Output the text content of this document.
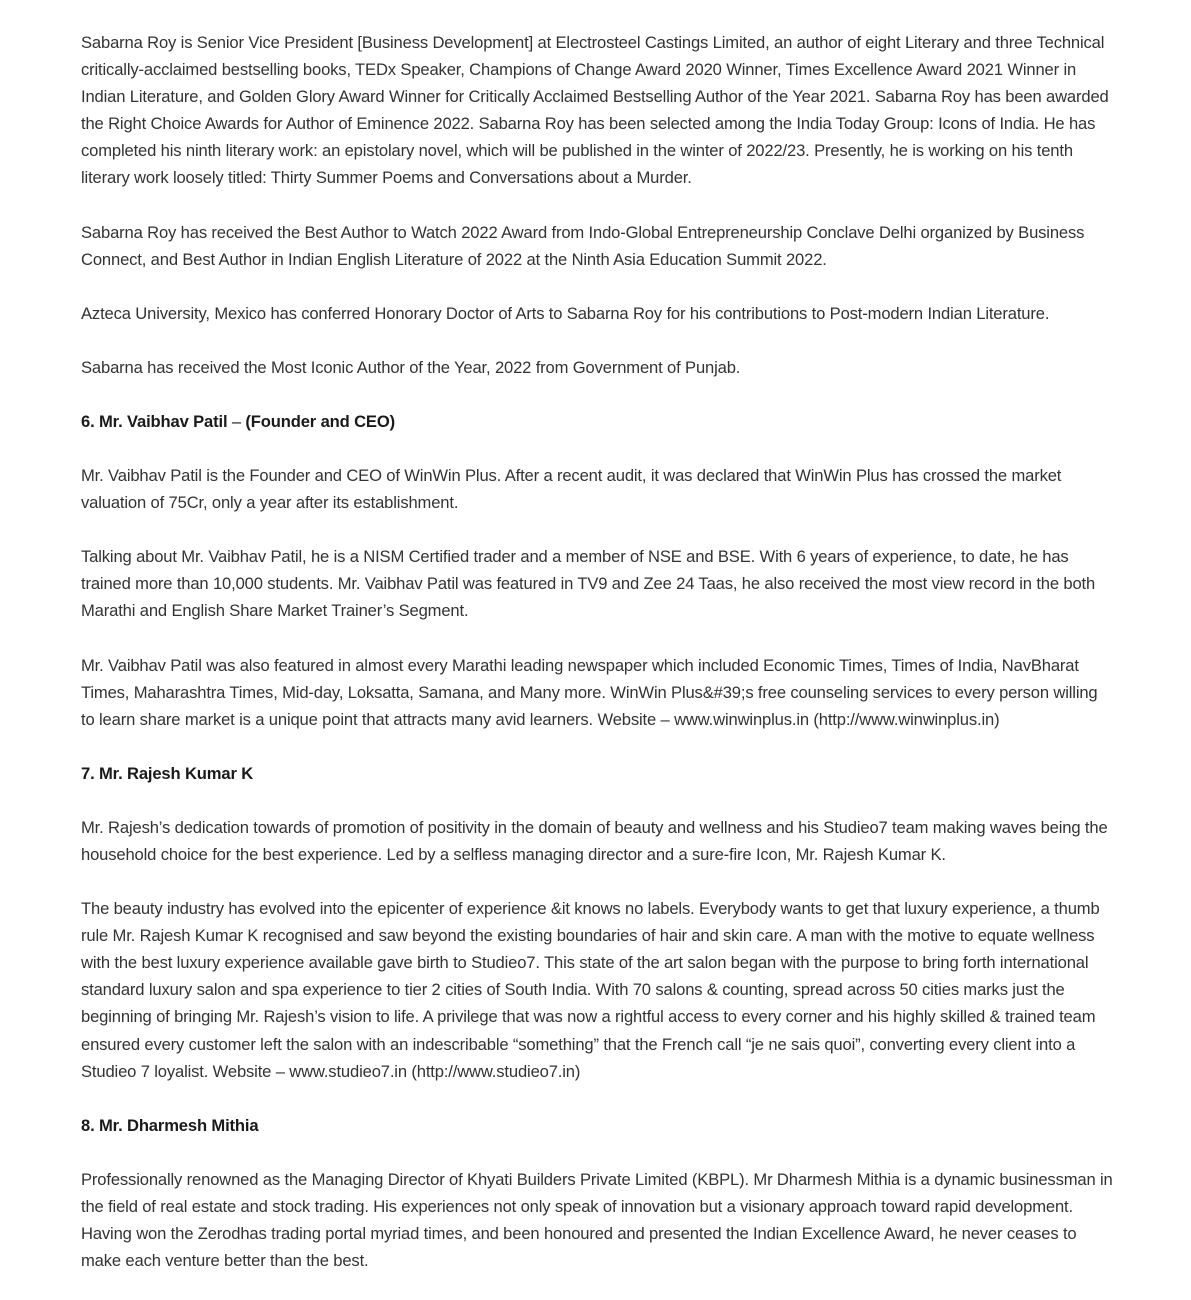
Sabarna Roy is Senior Vice President [Business Development] at Electrosteel Castings Limited, an author of eight Literary and three Technical critically-acclaimed bestselling books, TEDx Speaker, Champions of Change Award 2020 Winner, Times Excellence Award 2021 Winner in Indian Literature, and Golden Glory Award Winner for Critically Acclaimed Bestselling Author of the Year 2021. Sabarna Roy has been awarded the Right Choice Awards for Author of Eminence 2022. Sabarna Roy has been selected among the India Today Group: Icons of India. He has completed his ninth literary work: an epistolary novel, which will be published in the winter of 2022/23. Presently, he is working on his tenth literary work loosely titled: Thirty Summer Poems and Conversations about a Murder.

Sabarna Roy has received the Best Author to Watch 2022 Award from Indo-Global Entrepreneurship Conclave Delhi organized by Business Connect, and Best Author in Indian English Literature of 2022 at the Ninth Asia Education Summit 2022.

Azteca University, Mexico has conferred Honorary Doctor of Arts to Sabarna Roy for his contributions to Post-modern Indian Literature.

Sabarna has received the Most Iconic Author of the Year, 2022 from Government of Punjab.

6. Mr. Vaibhav Patil – (Founder and CEO)

Mr. Vaibhav Patil is the Founder and CEO of WinWin Plus. After a recent audit, it was declared that WinWin Plus has crossed the market valuation of 75Cr, only a year after its establishment.

Talking about Mr. Vaibhav Patil, he is a NISM Certified trader and a member of NSE and BSE. With 6 years of experience, to date, he has trained more than 10,000 students. Mr. Vaibhav Patil was featured in TV9 and Zee 24 Taas, he also received the most view record in the both Marathi and English Share Market Trainer’s Segment.

Mr. Vaibhav Patil was also featured in almost every Marathi leading newspaper which included Economic Times, Times of India, NavBharat Times, Maharashtra Times, Mid-day, Loksatta, Samana, and Many more. WinWin Plus&#39;s free counseling services to every person willing to learn share market is a unique point that attracts many avid learners. Website – www.winwinplus.in (http://www.winwinplus.in)

7. Mr. Rajesh Kumar K

Mr. Rajesh’s dedication towards of promotion of positivity in the domain of beauty and wellness and his Studieo7 team making waves being the household choice for the best experience. Led by a selfless managing director and a sure-fire Icon, Mr. Rajesh Kumar K.

The beauty industry has evolved into the epicenter of experience &it knows no labels. Everybody wants to get that luxury experience, a thumb rule Mr. Rajesh Kumar K recognised and saw beyond the existing boundaries of hair and skin care. A man with the motive to equate wellness with the best luxury experience available gave birth to Studieo7. This state of the art salon began with the purpose to bring forth international standard luxury salon and spa experience to tier 2 cities of South India. With 70 salons & counting, spread across 50 cities marks just the beginning of bringing Mr. Rajesh’s vision to life. A privilege that was now a rightful access to every corner and his highly skilled & trained team ensured every customer left the salon with an indescribable “something” that the French call “je ne sais quoi”, converting every client into a Studieo 7 loyalist. Website – www.studieo7.in (http://www.studieo7.in)

8. Mr. Dharmesh Mithia

Professionally renowned as the Managing Director of Khyati Builders Private Limited (KBPL). Mr Dharmesh Mithia is a dynamic businessman in the field of real estate and stock trading. His experiences not only speak of innovation but a visionary approach toward rapid development. Having won the Zerodhas trading portal myriad times, and been honoured and presented the Indian Excellence Award, he never ceases to make each venture better than the best.
